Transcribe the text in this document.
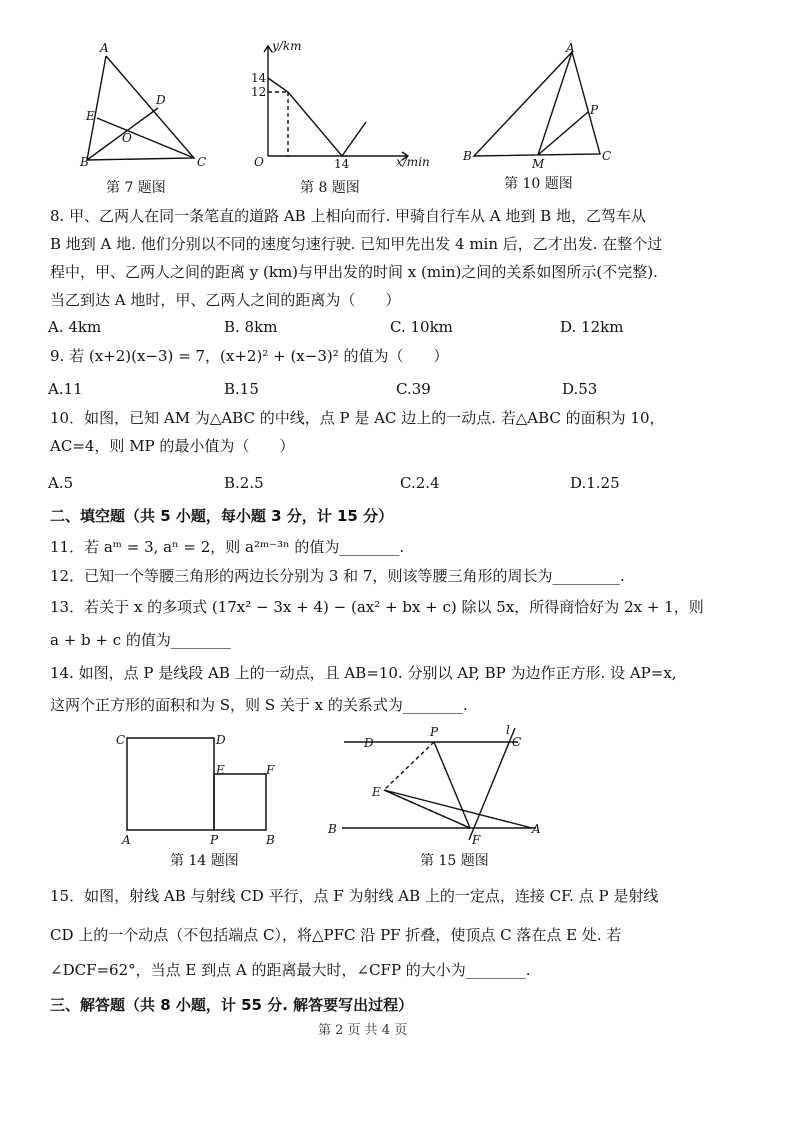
A
B	C
D
E
O
第 7 题图
y/km
x/min
O
14
12
14
第 8 题图
A
B	C
M
P
第 10 题图
8. 甲、乙两人在同一条笔直的道路 AB 上相向而行. 甲骑自行车从 A 地到 B 地，乙驾车从
B 地到 A 地. 他们分别以不同的速度匀速行驶. 已知甲先出发 4 min 后，乙才出发. 在整个过
程中，甲、乙两人之间的距离 y (km)与甲出发的时间 x (min)之间的关系如图所示(不完整).
当乙到达 A 地时，甲、乙两人之间的距离为（　　）
A. 4km	B. 8km	C. 10km	D. 12km
9. 若 (x+2)(x−3) = 7，(x+2)² + (x−3)² 的值为（　　）
A.11	B.15	C.39	D.53
10．如图，已知 AM 为△ABC 的中线，点 P 是 AC 边上的一动点. 若△ABC 的面积为 10，
AC=4，则 MP 的最小值为（　　）
A.5	B.2.5	C.2.4	D.1.25
二、填空题（共 5 小题，每小题 3 分，计 15 分）
11．若 aᵐ = 3, aⁿ = 2，则 a²ᵐ⁻³ⁿ 的值为________.
12．已知一个等腰三角形的两边长分别为 3 和 7，则该等腰三角形的周长为_________.
13．若关于 x 的多项式 (17x² − 3x + 4) − (ax² + bx + c) 除以 5x，所得商恰好为 2x + 1，则
a + b + c 的值为________
14. 如图，点 P 是线段 AB 上的一动点，且 AB=10. 分别以 AP, BP 为边作正方形. 设 AP=x,
这两个正方形的面积和为 S，则 S 关于 x 的关系式为________.
C	D
E	F
A	P	B
第 14 题图
D
P
C
l
E
B
F
A
第 15 题图
15．如图，射线 AB 与射线 CD 平行，点 F 为射线 AB 上的一定点，连接 CF. 点 P 是射线
CD 上的一个动点（不包括端点 C），将△PFC 沿 PF 折叠，使顶点 C 落在点 E 处. 若
∠DCF=62°，当点 E 到点 A 的距离最大时，∠CFP 的大小为________.
三、解答题（共 8 小题，计 55 分. 解答要写出过程）
第 2 页 共 4 页
